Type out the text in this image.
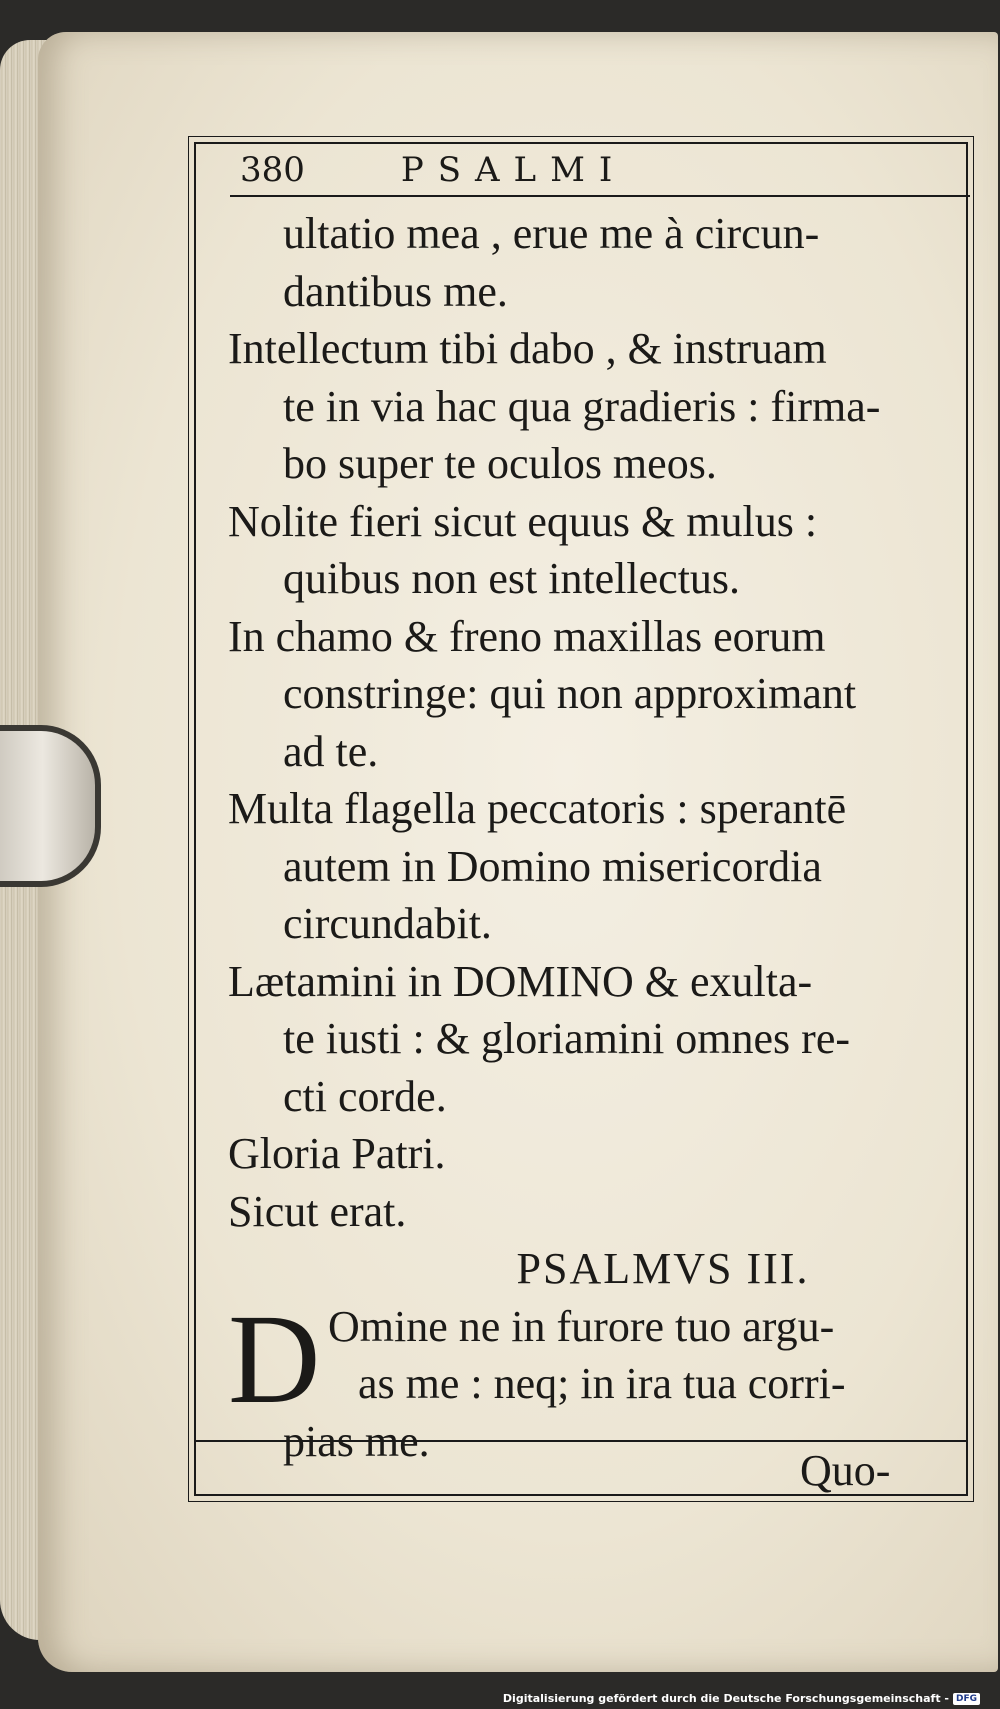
380	PSALMI
ultatio mea , erue me à circun-
dantibus me.
Intellectum tibi dabo , & instruam
te in via hac qua gradieris : firma-
bo super te oculos meos.
Nolite fieri sicut equus & mulus :
quibus non est intellectus.
In chamo & freno maxillas eorum
constringe: qui non approximant
ad te.
Multa flagella peccatoris : sperantē
autem in Domino misericordia
circundabit.
Lætamini in DOMINO & exulta-
te iusti : & gloriamini omnes re-
cti corde.
Gloria Patri.
Sicut erat.
PSALMVS III.
D Omine ne in furore tuo argu-
as me : neq; in ira tua corri-
pias me.
Quo-
Digitalisierung gefördert durch die Deutsche Forschungsgemeinschaft - DFG
